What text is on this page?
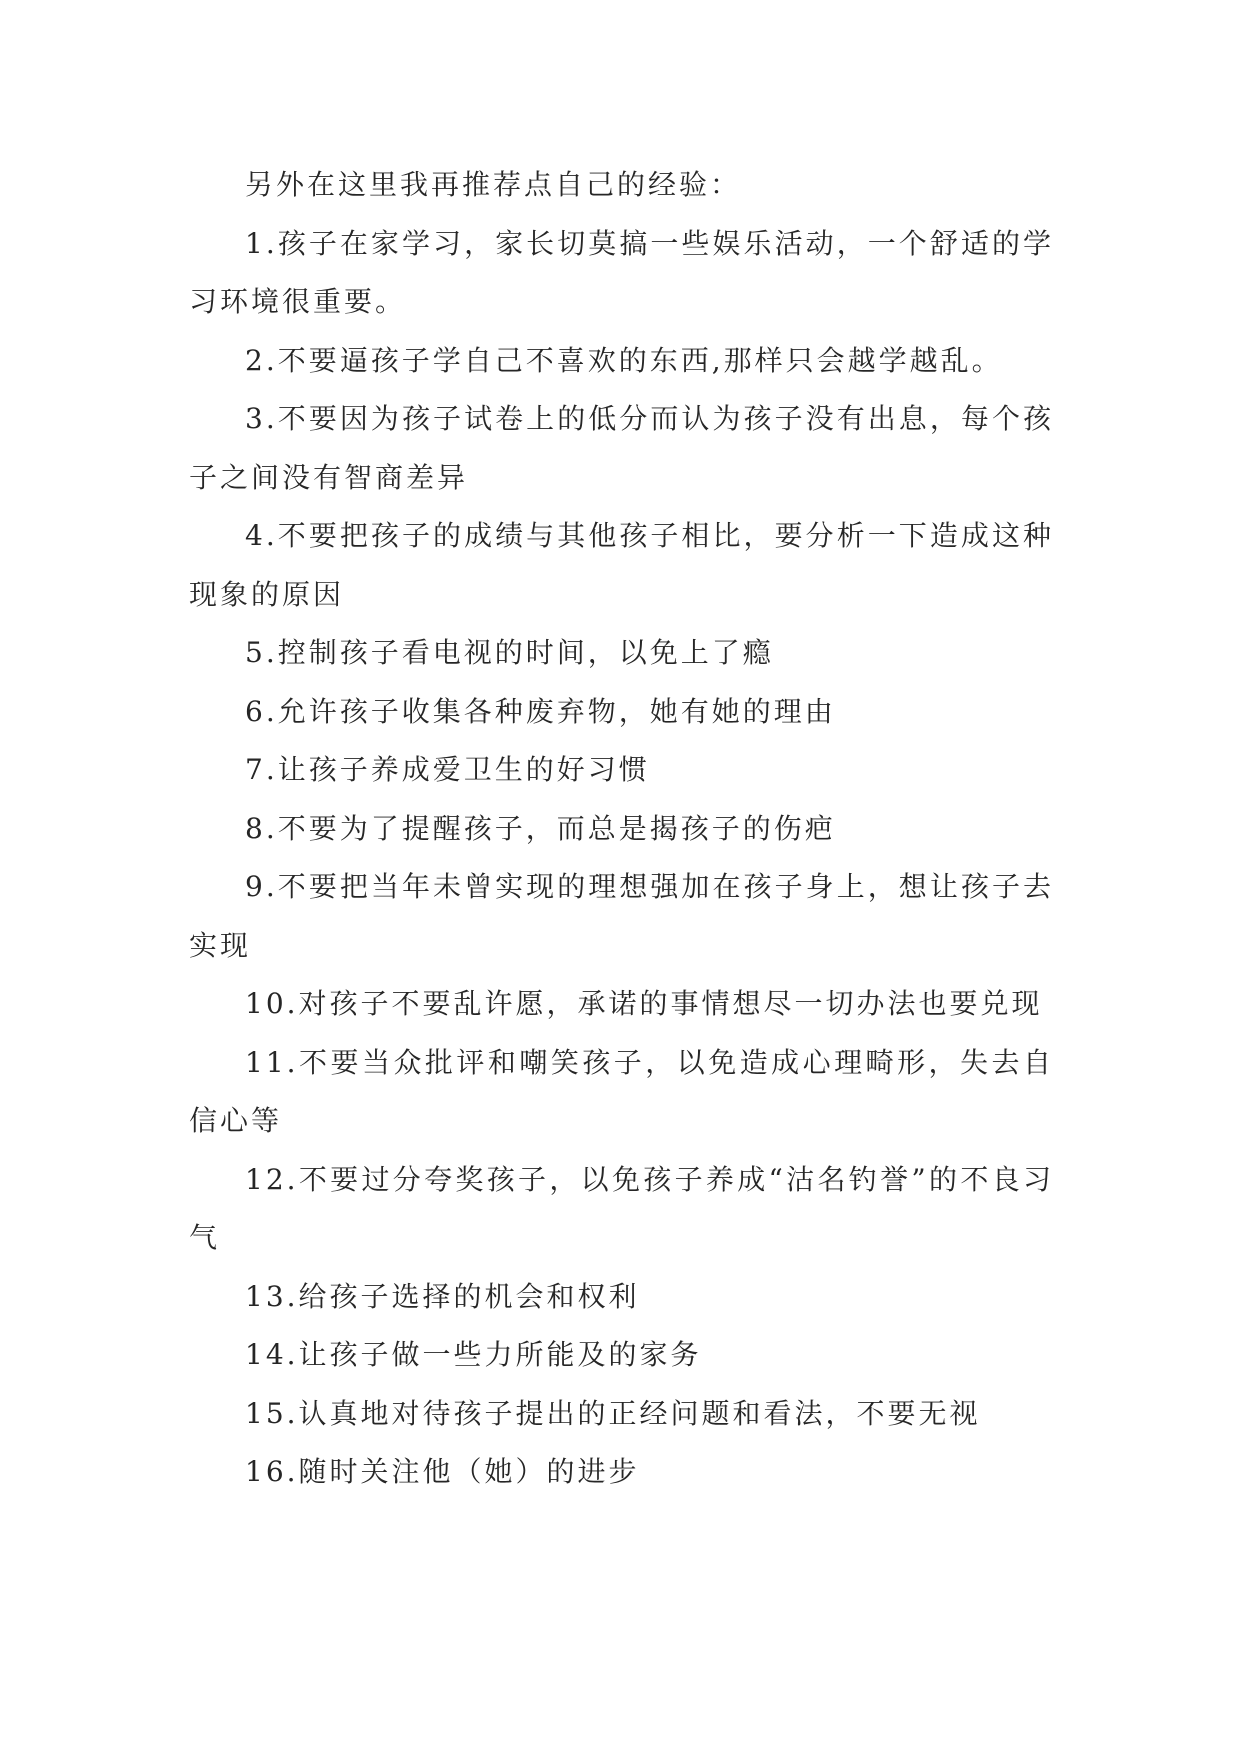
另外在这里我再推荐点自己的经验：

1.孩子在家学习，家长切莫搞一些娱乐活动，一个舒适的学习环境很重要。

2.不要逼孩子学自己不喜欢的东西,那样只会越学越乱。

3.不要因为孩子试卷上的低分而认为孩子没有出息，每个孩子之间没有智商差异

4.不要把孩子的成绩与其他孩子相比，要分析一下造成这种现象的原因

5.控制孩子看电视的时间，以免上了瘾

6.允许孩子收集各种废弃物，她有她的理由

7.让孩子养成爱卫生的好习惯

8.不要为了提醒孩子，而总是揭孩子的伤疤

9.不要把当年未曾实现的理想强加在孩子身上，想让孩子去实现

10.对孩子不要乱许愿，承诺的事情想尽一切办法也要兑现

11.不要当众批评和嘲笑孩子，以免造成心理畸形，失去自信心等

12.不要过分夸奖孩子，以免孩子养成“沽名钓誉”的不良习气

13.给孩子选择的机会和权利

14.让孩子做一些力所能及的家务

15.认真地对待孩子提出的正经问题和看法，不要无视

16.随时关注他（她）的进步
